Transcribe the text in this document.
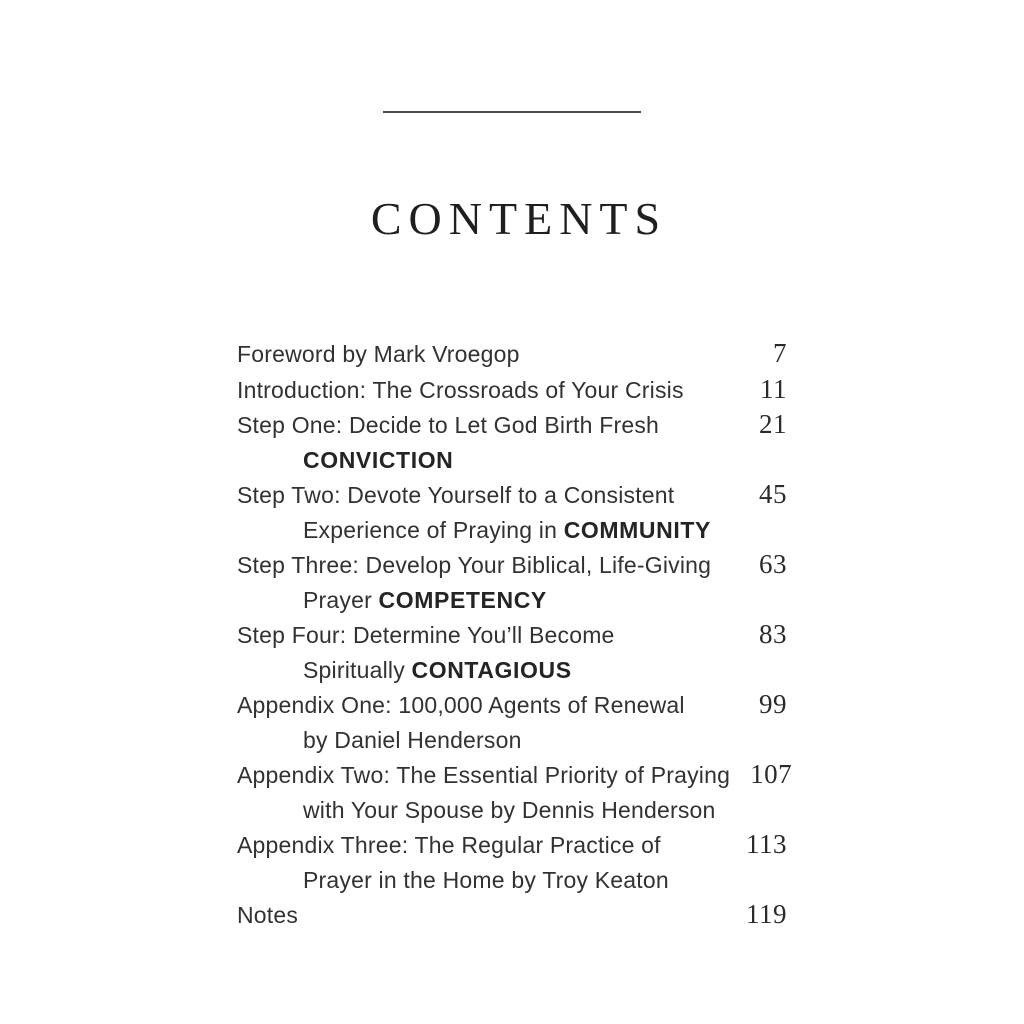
CONTENTS
Foreword by Mark Vroegop	7
Introduction: The Crossroads of Your Crisis	11
Step One: Decide to Let God Birth Fresh	21
CONVICTION
Step Two: Devote Yourself to a Consistent	45
Experience of Praying in COMMUNITY
Step Three: Develop Your Biblical, Life-Giving	63
Prayer COMPETENCY
Step Four: Determine You’ll Become	83
Spiritually CONTAGIOUS
Appendix One: 100,000 Agents of Renewal	99
by Daniel Henderson
Appendix Two: The Essential Priority of Praying 107
with Your Spouse by Dennis Henderson
Appendix Three: The Regular Practice of	113
Prayer in the Home by Troy Keaton
Notes	119
